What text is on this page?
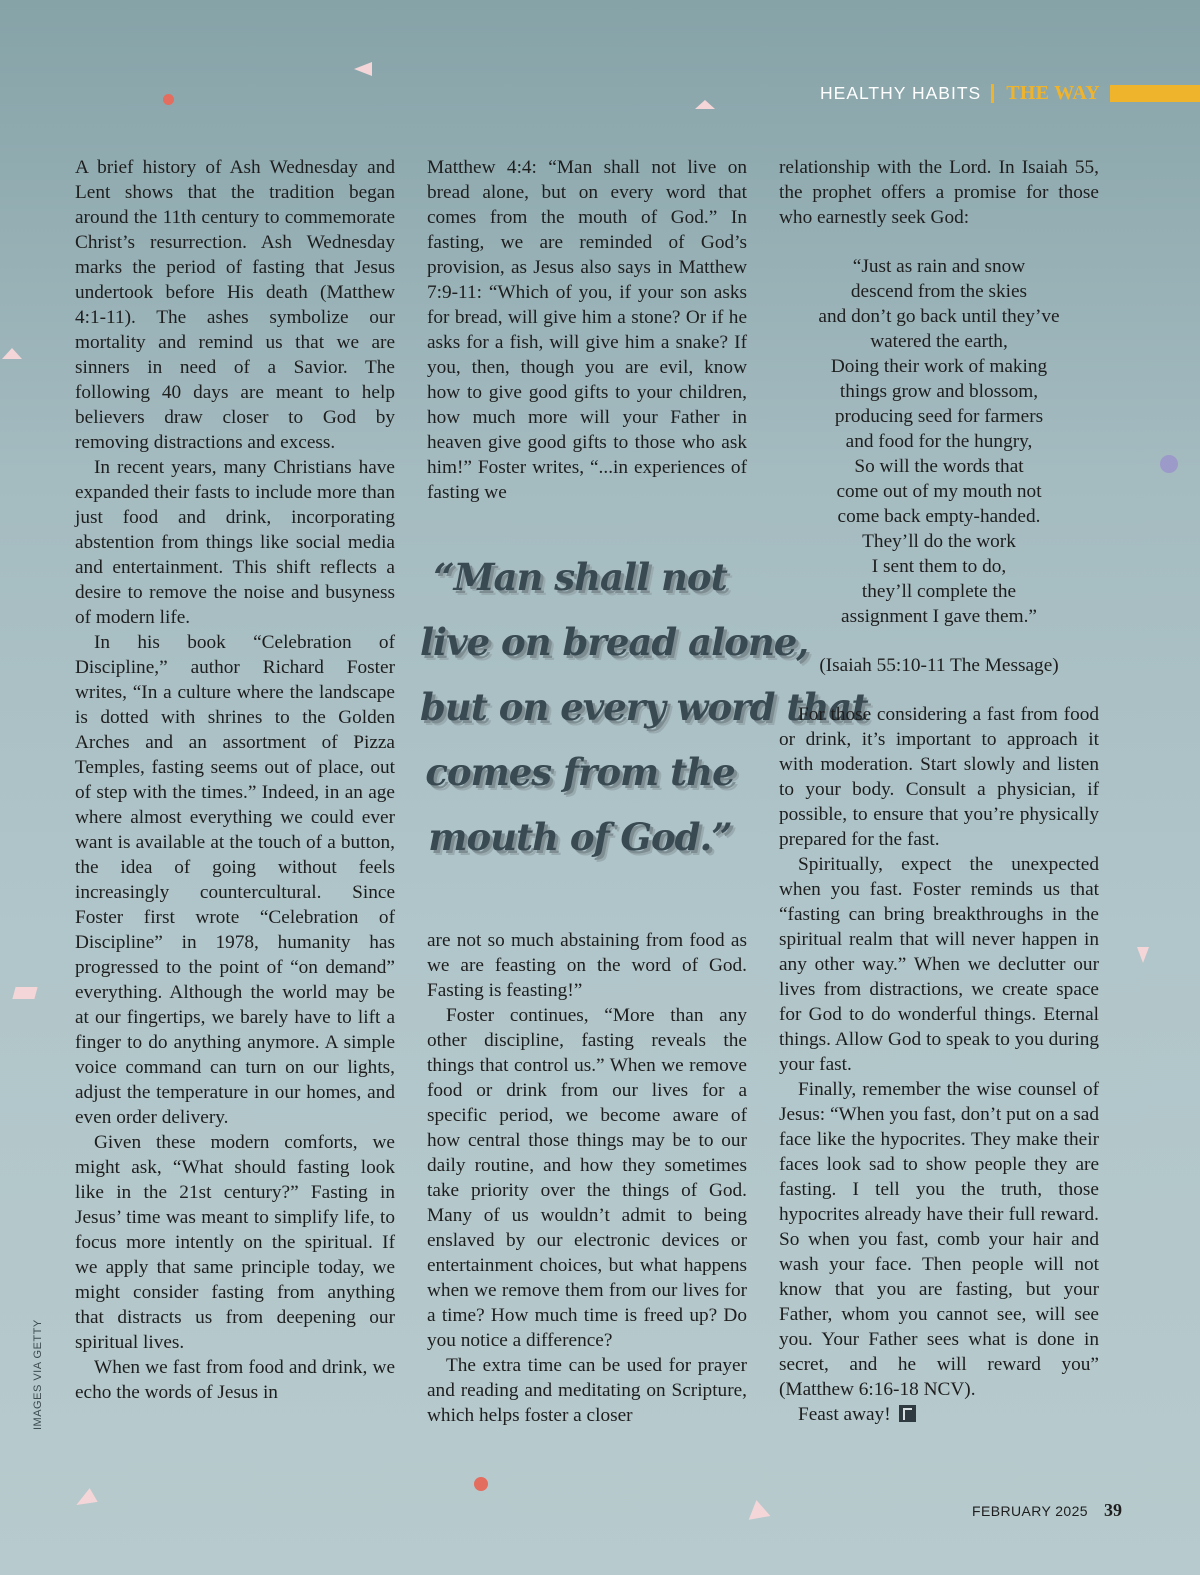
HEALTHY HABITS THE WAY

A brief history of Ash Wednesday and Lent shows that the tradition began around the 11th century to commemorate Christ’s resurrection. Ash Wednesday marks the period of fasting that Jesus undertook before His death (Matthew 4:1-11). The ashes symbolize our mortality and remind us that we are sinners in need of a Savior. The following 40 days are meant to help believers draw closer to God by removing distractions and excess.

In recent years, many Christians have expanded their fasts to include more than just food and drink, incorporating abstention from things like social media and entertainment. This shift reflects a desire to remove the noise and busyness of modern life.

In his book “Celebration of Discipline,” author Richard Foster writes, “In a culture where the landscape is dotted with shrines to the Golden Arches and an assortment of Pizza Temples, fasting seems out of place, out of step with the times.” Indeed, in an age where almost everything we could ever want is available at the touch of a button, the idea of going without feels increasingly countercultural. Since Foster first wrote “Celebration of Discipline” in 1978, humanity has progressed to the point of “on demand” everything. Although the world may be at our fingertips, we barely have to lift a finger to do anything anymore. A simple voice command can turn on our lights, adjust the temperature in our homes, and even order delivery.

Given these modern comforts, we might ask, “What should fasting look like in the 21st century?” Fasting in Jesus’ time was meant to simplify life, to focus more intently on the spiritual. If we apply that same principle today, we might consider fasting from anything that distracts us from deepening our spiritual lives.

When we fast from food and drink, we echo the words of Jesus in

Matthew 4:4: “Man shall not live on bread alone, but on every word that comes from the mouth of God.” In fasting, we are reminded of God’s provision, as Jesus also says in Matthew 7:9-11: “Which of you, if your son asks for bread, will give him a stone? Or if he asks for a fish, will give him a snake? If you, then, though you are evil, know how to give good gifts to your children, how much more will your Father in heaven give good gifts to those who ask him!” Foster writes, “...in experiences of fasting we

“Man shall not
live on bread alone,
but on every word that
comes from the
mouth of God.”

are not so much abstaining from food as we are feasting on the word of God. Fasting is feasting!”

Foster continues, “More than any other discipline, fasting reveals the things that control us.” When we remove food or drink from our lives for a specific period, we become aware of how central those things may be to our daily routine, and how they sometimes take priority over the things of God. Many of us wouldn’t admit to being enslaved by our electronic devices or entertainment choices, but what happens when we remove them from our lives for a time? How much time is freed up? Do you notice a difference?

The extra time can be used for prayer and reading and meditating on Scripture, which helps foster a closer

relationship with the Lord. In Isaiah 55, the prophet offers a promise for those who earnestly seek God:

“Just as rain and snow
descend from the skies
and don’t go back until they’ve
watered the earth,
Doing their work of making
things grow and blossom,
producing seed for farmers
and food for the hungry,
So will the words that
come out of my mouth not
come back empty-handed.
They’ll do the work
I sent them to do,
they’ll complete the
assignment I gave them.”
(Isaiah 55:10-11 The Message)

For those considering a fast from food or drink, it’s important to approach it with moderation. Start slowly and listen to your body. Consult a physician, if possible, to ensure that you’re physically prepared for the fast.

Spiritually, expect the unexpected when you fast. Foster reminds us that “fasting can bring breakthroughs in the spiritual realm that will never happen in any other way.” When we declutter our lives from distractions, we create space for God to do wonderful things. Eternal things. Allow God to speak to you during your fast.

Finally, remember the wise counsel of Jesus: “When you fast, don’t put on a sad face like the hypocrites. They make their faces look sad to show people they are fasting. I tell you the truth, those hypocrites already have their full reward. So when you fast, comb your hair and wash your face. Then people will not know that you are fasting, but your Father, whom you cannot see, will see you. Your Father sees what is done in secret, and he will reward you” (Matthew 6:16-18 NCV).

Feast away!

IMAGES VIA GETTY
FEBRUARY 2025 39
